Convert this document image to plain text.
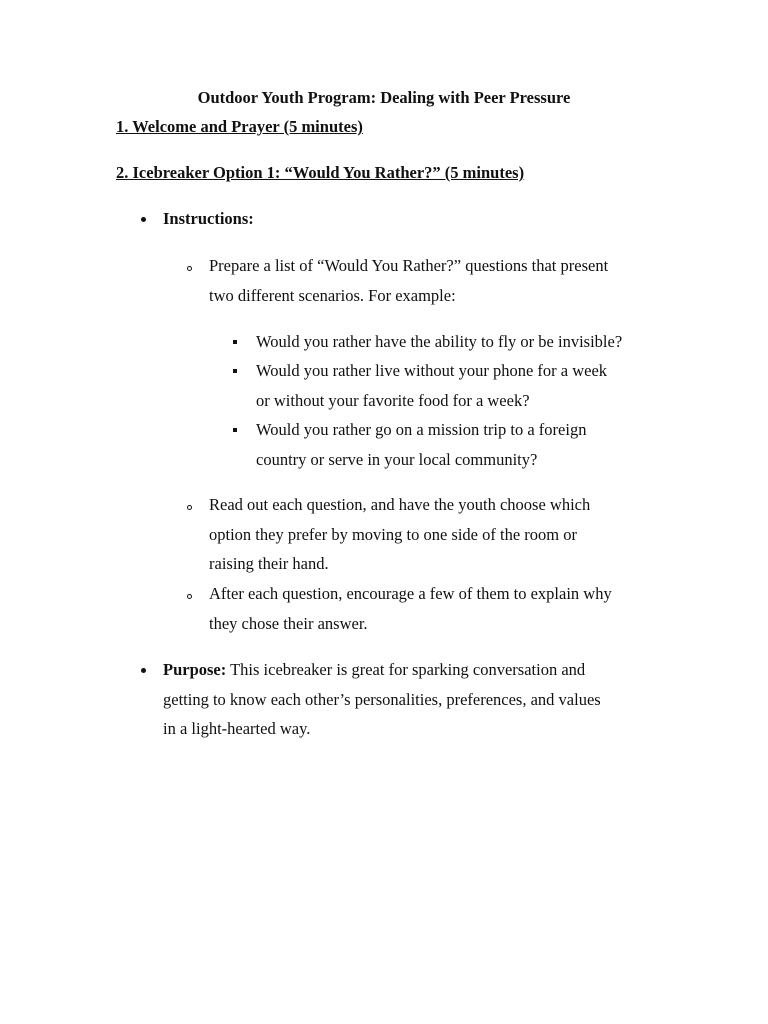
Outdoor Youth Program: Dealing with Peer Pressure
1. Welcome and Prayer (5 minutes)
2. Icebreaker Option 1: “Would You Rather?” (5 minutes)
Instructions:
Prepare a list of “Would You Rather?” questions that present
two different scenarios. For example:
Would you rather have the ability to fly or be invisible?
Would you rather live without your phone for a week
or without your favorite food for a week?
Would you rather go on a mission trip to a foreign
country or serve in your local community?
Read out each question, and have the youth choose which
option they prefer by moving to one side of the room or
raising their hand.
After each question, encourage a few of them to explain why
they chose their answer.
Purpose: This icebreaker is great for sparking conversation and
getting to know each other’s personalities, preferences, and values
in a light-hearted way.
